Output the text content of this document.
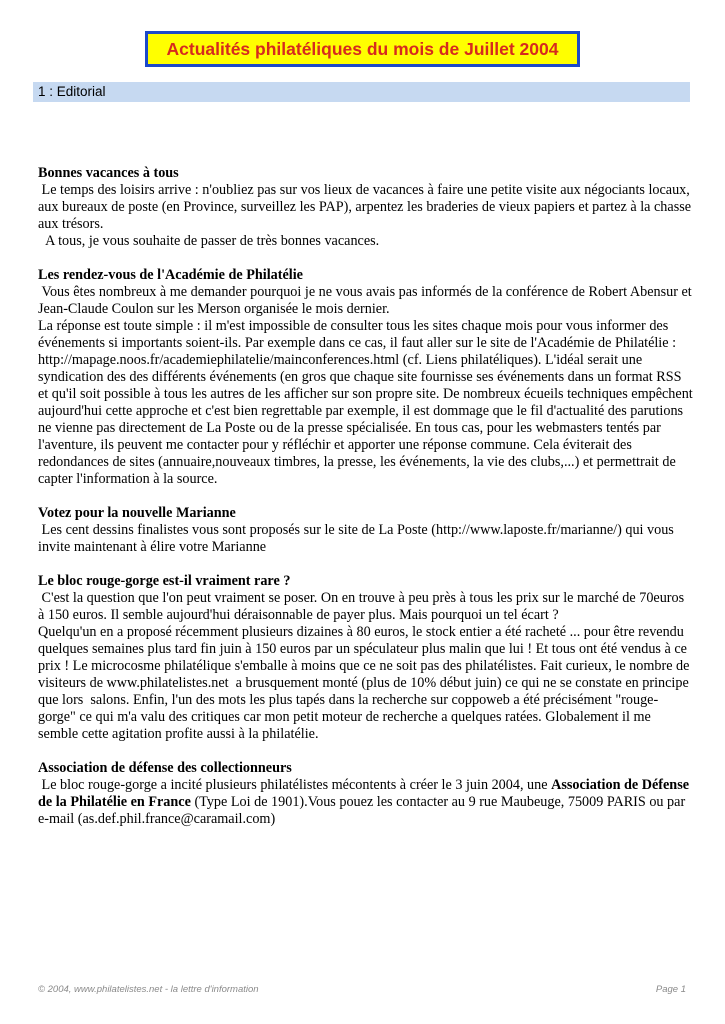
Actualités philatéliques du mois de Juillet 2004
1 : Editorial
Bonnes vacances à tous

Le temps des loisirs arrive : n'oubliez pas sur vos lieux de vacances à faire une petite visite aux négociants locaux, aux bureaux de poste (en Province, surveillez les PAP), arpentez les braderies de vieux papiers et partez à la chasse aux trésors.

A tous, je vous souhaite de passer de très bonnes vacances.

Les rendez-vous de l'Académie de Philatélie

Vous êtes nombreux à me demander pourquoi je ne vous avais pas informés de la conférence de Robert Abensur et Jean-Claude Coulon sur les Merson organisée le mois dernier.

La réponse est toute simple : il m'est impossible de consulter tous les sites chaque mois pour vous informer des événements si importants soient-ils. Par exemple dans ce cas, il faut aller sur le site de l'Académie de Philatélie : http://mapage.noos.fr/academiephilatelie/mainconferences.html (cf. Liens philatéliques). L'idéal serait une syndication des des différents événements (en gros que chaque site fournisse ses événements dans un format RSS et qu'il soit possible à tous les autres de les afficher sur son propre site. De nombreux écueils techniques empêchent aujourd'hui cette approche et c'est bien regrettable par exemple, il est dommage que le fil d'actualité des parutions ne vienne pas directement de La Poste ou de la presse spécialisée. En tous cas, pour les webmasters tentés par l'aventure, ils peuvent me contacter pour y réfléchir et apporter une réponse commune. Cela éviterait des redondances de sites (annuaire,nouveaux timbres, la presse, les événements, la vie des clubs,...) et permettrait de capter l'information à la source.

Votez pour la nouvelle Marianne

Les cent dessins finalistes vous sont proposés sur le site de La Poste (http://www.laposte.fr/marianne/) qui vous invite maintenant à élire votre Marianne

Le bloc rouge-gorge est-il vraiment rare ?

C'est la question que l'on peut vraiment se poser. On en trouve à peu près à tous les prix sur le marché de 70euros à 150 euros. Il semble aujourd'hui déraisonnable de payer plus. Mais pourquoi un tel écart ?

Quelqu'un en a proposé récemment plusieurs dizaines à 80 euros, le stock entier a été racheté ... pour être revendu quelques semaines plus tard fin juin à 150 euros par un spéculateur plus malin que lui ! Et tous ont été vendus à ce prix ! Le microcosme philatélique s'emballe à moins que ce ne soit pas des philatélistes. Fait curieux, le nombre de visiteurs de www.philatelistes.net  a brusquement monté (plus de 10% début juin) ce qui ne se constate en principe que lors  salons. Enfin, l'un des mots les plus tapés dans la recherche sur coppoweb a été précisément "rouge-gorge" ce qui m'a valu des critiques car mon petit moteur de recherche a quelques ratées. Globalement il me semble cette agitation profite aussi à la philatélie.

Association de défense des collectionneurs

Le bloc rouge-gorge a incité plusieurs philatélistes mécontents à créer le 3 juin 2004, une Association de Défense de la Philatélie en France (Type Loi de 1901).Vous pouez les contacter au 9 rue Maubeuge, 75009 PARIS ou par e-mail (as.def.phil.france@caramail.com)

© 2004, www.philatelistes.net - la lettre d'information	Page 1
